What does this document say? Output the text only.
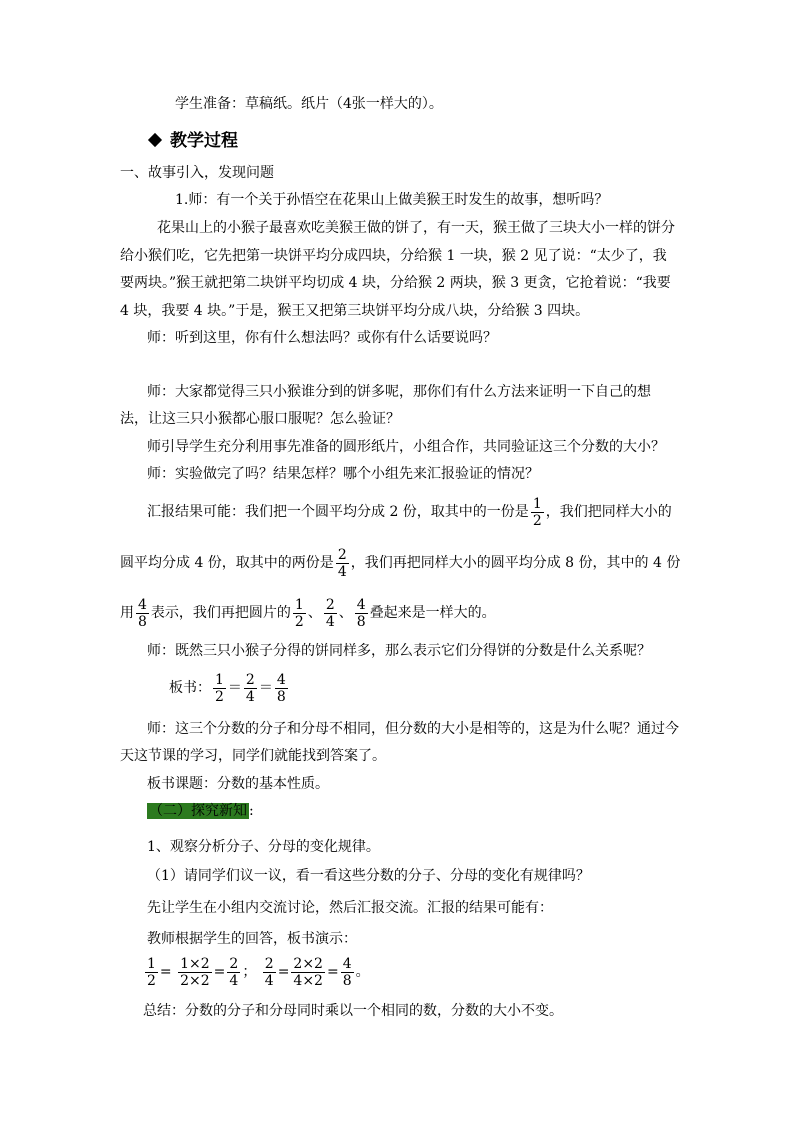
学生准备：草稿纸。纸片（4张一样大的）。
教学过程
一、故事引入，发现问题
1.师：有一个关于孙悟空在花果山上做美猴王时发生的故事，想听吗？
花果山上的小猴子最喜欢吃美猴王做的饼了，有一天，猴王做了三块大小一样的饼分
给小猴们吃，它先把第一块饼平均分成四块，分给猴 1 一块，猴 2 见了说：“太少了，我
要两块。”猴王就把第二块饼平均切成 4 块，分给猴 2 两块，猴 3 更贪，它抢着说：“我要
4 块，我要 4 块。”于是，猴王又把第三块饼平均分成八块，分给猴 3 四块。
师：听到这里，你有什么想法吗？或你有什么话要说吗？
师：大家都觉得三只小猴谁分到的饼多呢，那你们有什么方法来证明一下自己的想
法，让这三只小猴都心服口服呢？怎么验证？
师引导学生充分利用事先准备的圆形纸片，小组合作，共同验证这三个分数的大小？
师：实验做完了吗？结果怎样？哪个小组先来汇报验证的情况？
汇报结果可能：我们把一个圆平均分成 2 份，取其中的一份是 $\frac{1}{2}$ ，我们把同样大小的
圆平均分成 4 份，取其中的两份是 $\frac{2}{4}$ ，我们再把同样大小的圆平均分成 8 份，其中的 4 份
用 $\frac{4}{8}$ 表示，我们再把圆片的 $\frac{1}{2}$ 、 $\frac{2}{4}$ 、 $\frac{4}{8}$ 叠起来是一样大的。
师：既然三只小猴子分得的饼同样多，那么表示它们分得饼的分数是什么关系呢？
板书： $\frac{1}{2} = \frac{2}{4} = \frac{4}{8}$
师：这三个分数的分子和分母不相同，但分数的大小是相等的，这是为什么呢？通过今
天这节课的学习，同学们就能找到答案了。
板书课题：分数的基本性质。
（二）探究新知 :
1、观察分析分子、分母的变化规律。
（1）请同学们议一议，看一看这些分数的分子、分母的变化有规律吗？
先让学生在小组内交流讨论，然后汇报交流。汇报的结果可能有：
教师根据学生的回答，板书演示：
$\frac{1}{2} = \frac{1\times 2}{2\times 2} = \frac{2}{4}$ ； $\frac{2}{4} = \frac{2\times 2}{4\times 2} = \frac{4}{8}$ 。
总结：分数的分子和分母同时乘以一个相同的数，分数的大小不变。
